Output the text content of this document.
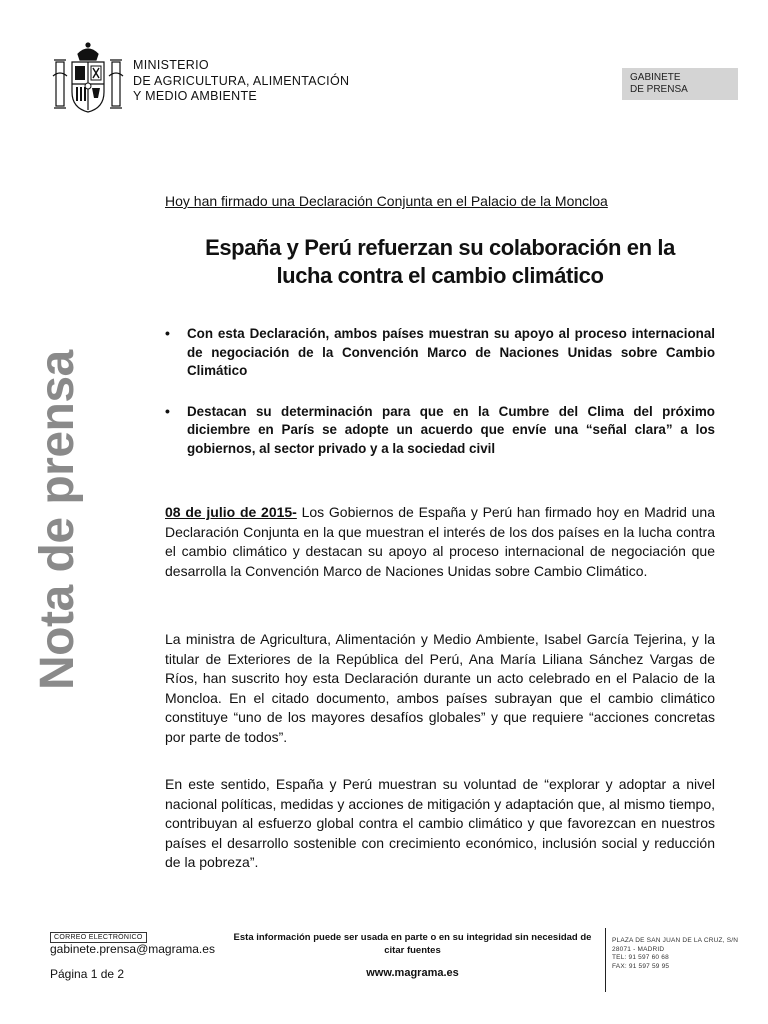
MINISTERIO
DE AGRICULTURA, ALIMENTACIÓN
Y MEDIO AMBIENTE
GABINETE
DE PRENSA
Nota de prensa
Hoy han firmado una Declaración Conjunta en el Palacio de la Moncloa
España y Perú refuerzan su colaboración en la
lucha contra el cambio climático
• Con esta Declaración, ambos países muestran su apoyo al proceso internacional de negociación de la Convención Marco de Naciones Unidas sobre Cambio Climático
• Destacan su determinación para que en la Cumbre del Clima del próximo diciembre en París se adopte un acuerdo que envíe una “señal clara” a los gobiernos, al sector privado y a la sociedad civil

08 de julio de 2015- Los Gobiernos de España y Perú han firmado hoy en Madrid una Declaración Conjunta en la que muestran el interés de los dos países en la lucha contra el cambio climático y destacan su apoyo al proceso internacional de negociación que desarrolla la Convención Marco de Naciones Unidas sobre Cambio Climático.

La ministra de Agricultura, Alimentación y Medio Ambiente, Isabel García Tejerina, y la titular de Exteriores de la República del Perú, Ana María Liliana Sánchez Vargas de Ríos, han suscrito hoy esta Declaración durante un acto celebrado en el Palacio de la Moncloa. En el citado documento, ambos países subrayan que el cambio climático constituye “uno de los mayores desafíos globales” y que requiere “acciones concretas por parte de todos”.

En este sentido, España y Perú muestran su voluntad de “explorar y adoptar a nivel nacional políticas, medidas y acciones de mitigación y adaptación que, al mismo tiempo, contribuyan al esfuerzo global contra el cambio climático y que favorezcan en nuestros países el desarrollo sostenible con crecimiento económico, inclusión social y reducción de la pobreza”.

CORREO ELECTRÓNICO
gabinete.prensa@magrama.es
Página 1 de 2
Esta información puede ser usada en parte o en su integridad sin necesidad de citar fuentes
www.magrama.es
PLAZA DE SAN JUAN DE LA CRUZ, S/N
28071 - MADRID
TEL: 91 597 60 68
FAX: 91 597 59 95
